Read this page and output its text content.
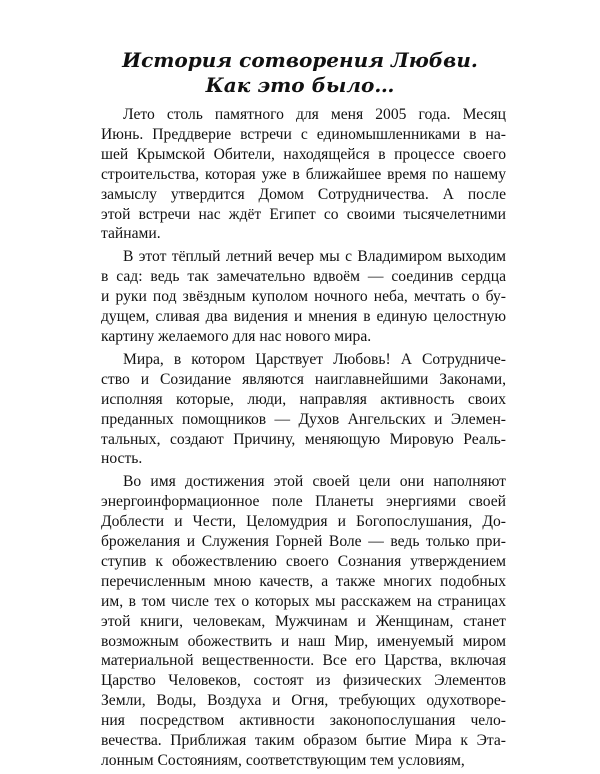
История сотворения Любви.
Как это было…
Лето столь памятного для меня 2005 года. Месяц
Июнь. Преддверие встречи с единомышленниками в на-
шей Крымской Обители, находящейся в процессе своего
строительства, которая уже в ближайшее время по нашему
замыслу утвердится Домом Сотрудничества. А после
этой встречи нас ждёт Египет со своими тысячелетними
тайнами.
В этот тёплый летний вечер мы с Владимиром выходим
в сад: ведь так замечательно вдвоём — соединив сердца
и руки под звёздным куполом ночного неба, мечтать о бу-
дущем, сливая два видения и мнения в единую целостную
картину желаемого для нас нового мира.
Мира, в котором Царствует Любовь! А Сотрудниче-
ство и Созидание являются наиглавнейшими Законами,
исполняя которые, люди, направляя активность своих
преданных помощников — Духов Ангельских и Элемен-
тальных, создают Причину, меняющую Мировую Реаль-
ность.
Во имя достижения этой своей цели они наполняют
энергоинформационное поле Планеты энергиями своей
Доблести и Чести, Целомудрия и Богопослушания, До-
брожелания и Служения Горней Воле — ведь только при-
ступив к обожествлению своего Сознания утверждением
перечисленным мною качеств, а также многих подобных
им, в том числе тех о которых мы расскажем на страницах
этой книги, человекам, Мужчинам и Женщинам, станет
возможным обожествить и наш Мир, именуемый миром
материальной вещественности. Все его Царства, включая
Царство Человеков, состоят из физических Элементов
Земли, Воды, Воздуха и Огня, требующих одухотворе-
ния посредством активности законопослушания чело-
вечества. Приближая таким образом бытие Мира к Эта-
лонным Состояниям, соответствующим тем условиям,
